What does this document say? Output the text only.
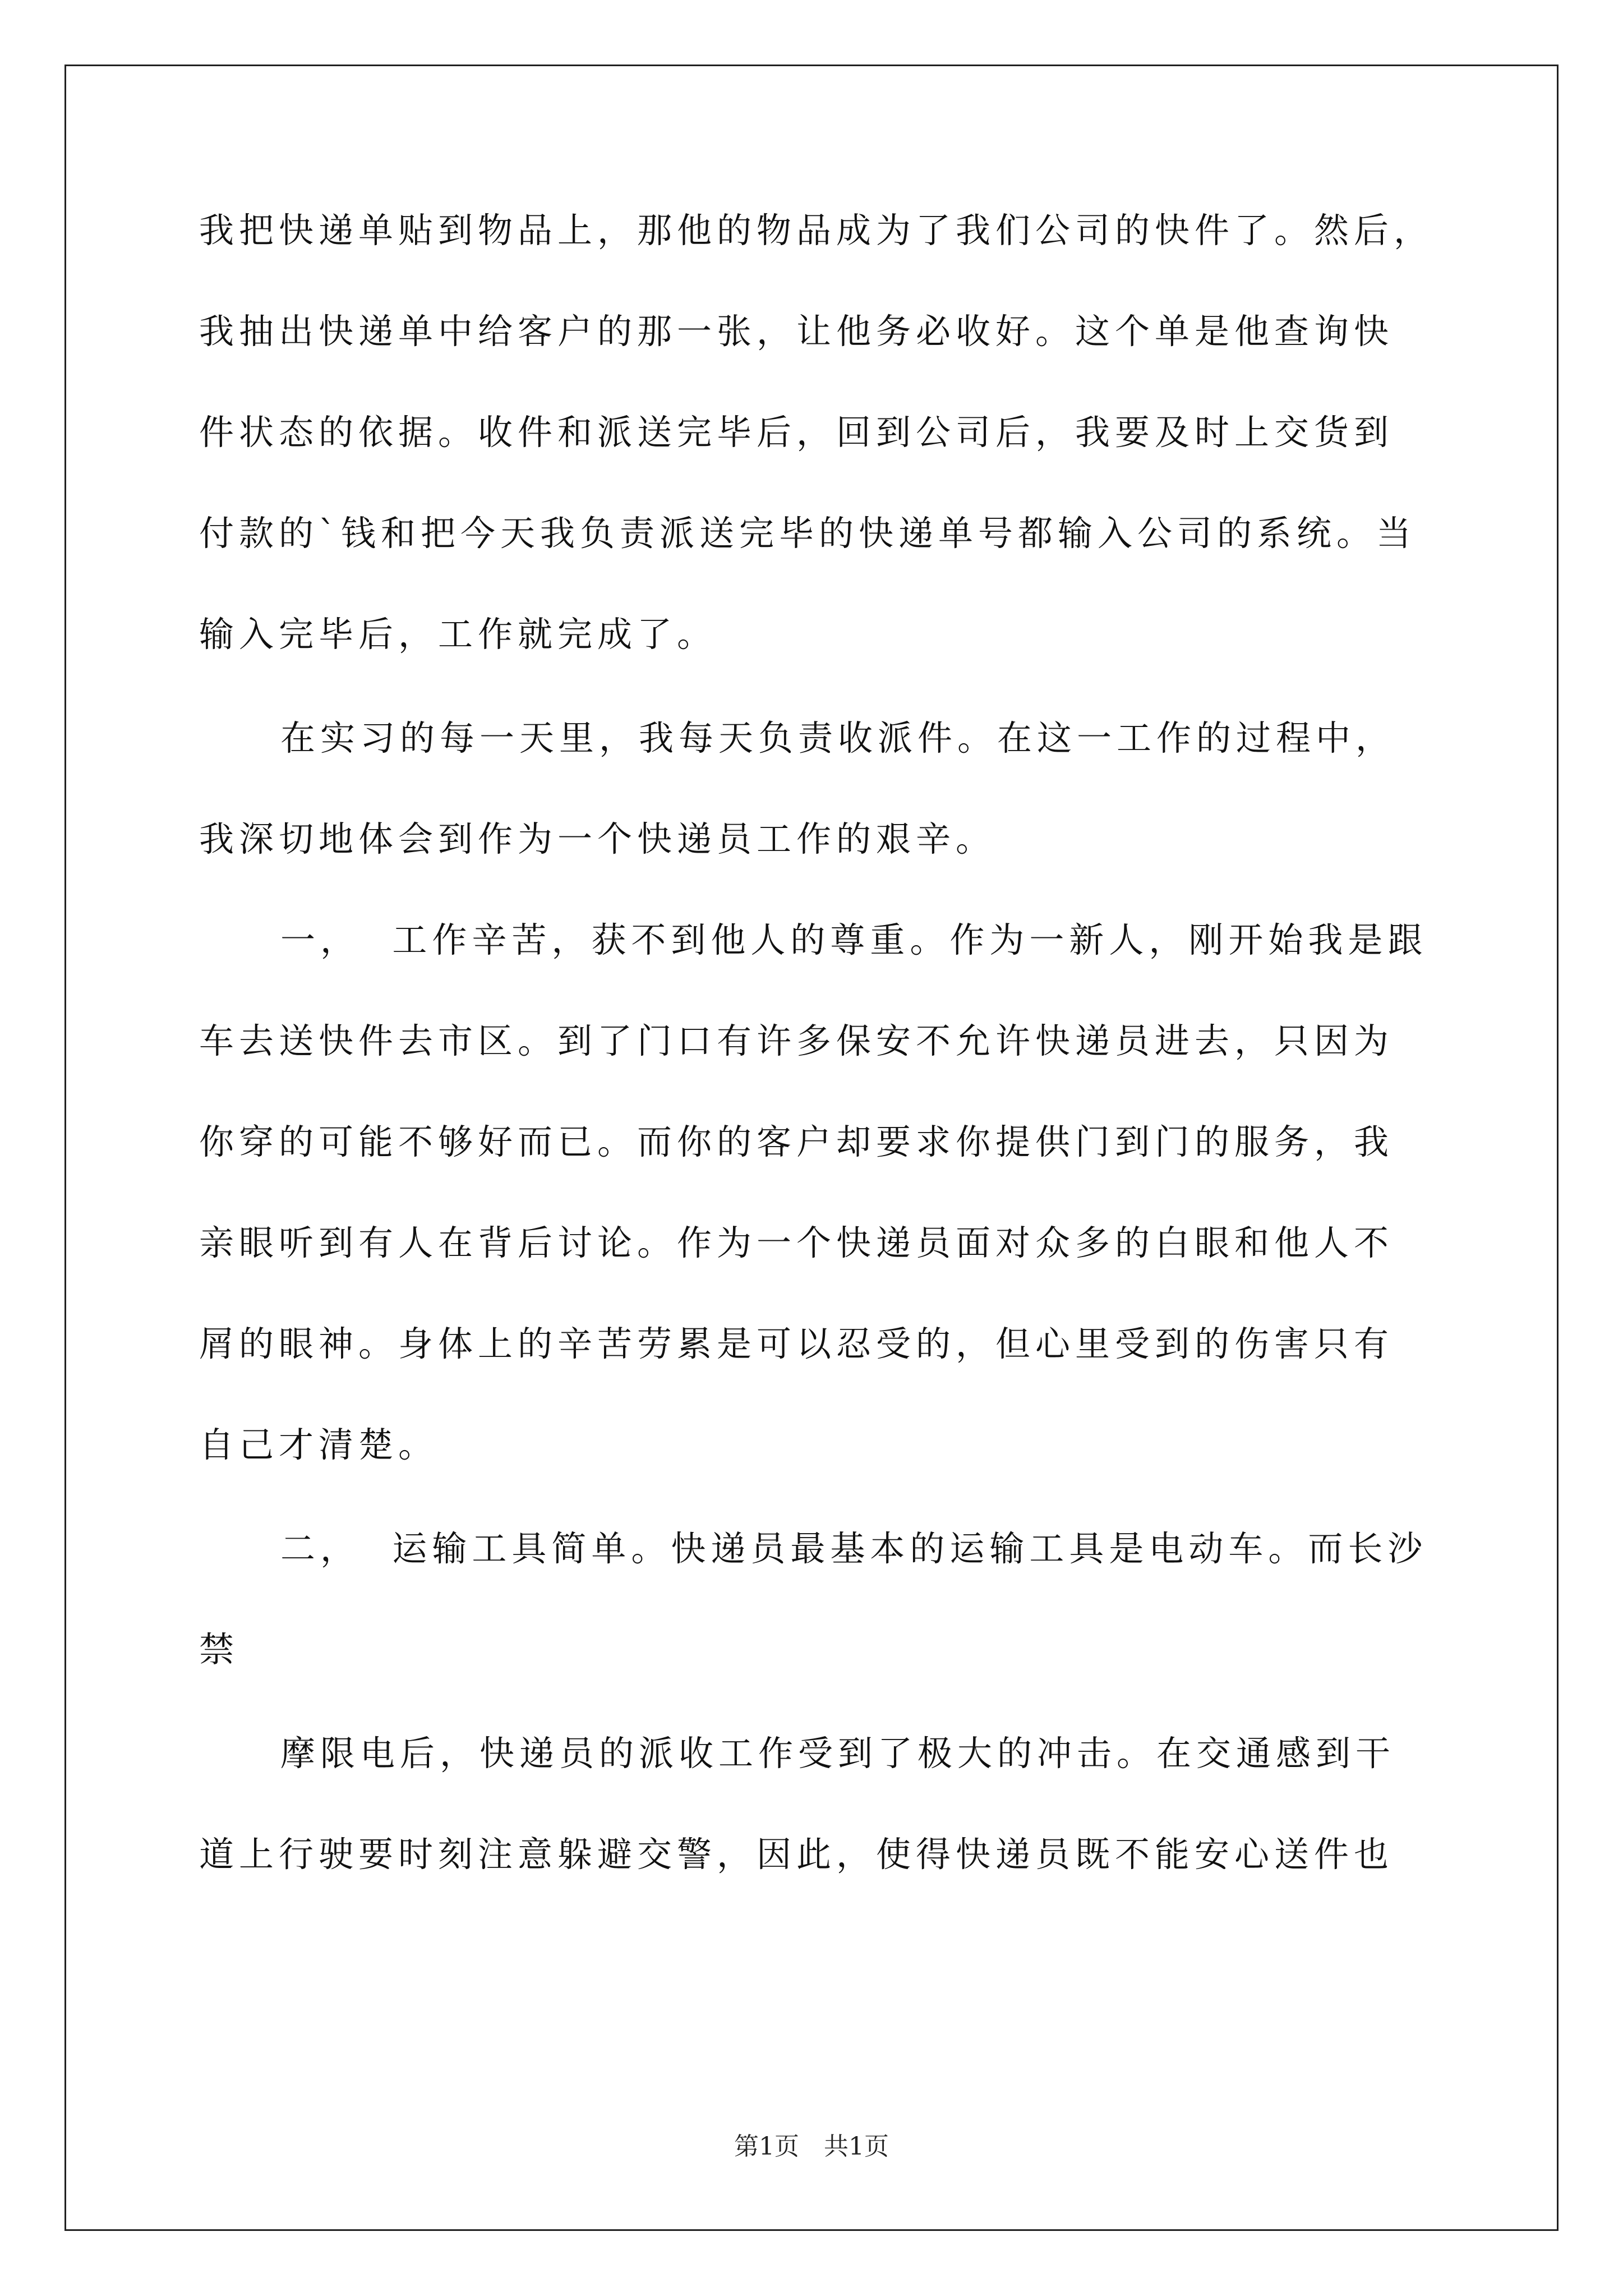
我把快递单贴到物品上，那他的物品成为了我们公司的快件了。然后，
我抽出快递单中给客户的那一张，让他务必收好。这个单是他查询快
件状态的依据。收件和派送完毕后，回到公司后，我要及时上交货到
付款的`钱和把今天我负责派送完毕的快递单号都输入公司的系统。当
输入完毕后，工作就完成了。
在实习的每一天里，我每天负责收派件。在这一工作的过程中，
我深切地体会到作为一个快递员工作的艰辛。
一，  工作辛苦，获不到他人的尊重。作为一新人，刚开始我是跟
车去送快件去市区。到了门口有许多保安不允许快递员进去，只因为
你穿的可能不够好而已。而你的客户却要求你提供门到门的服务，我
亲眼听到有人在背后讨论。作为一个快递员面对众多的白眼和他人不
屑的眼神。身体上的辛苦劳累是可以忍受的，但心里受到的伤害只有
自己才清楚。
二，  运输工具简单。快递员最基本的运输工具是电动车。而长沙
禁
摩限电后，快递员的派收工作受到了极大的冲击。在交通感到干
道上行驶要时刻注意躲避交警，因此，使得快递员既不能安心送件也
第1页　共1页
